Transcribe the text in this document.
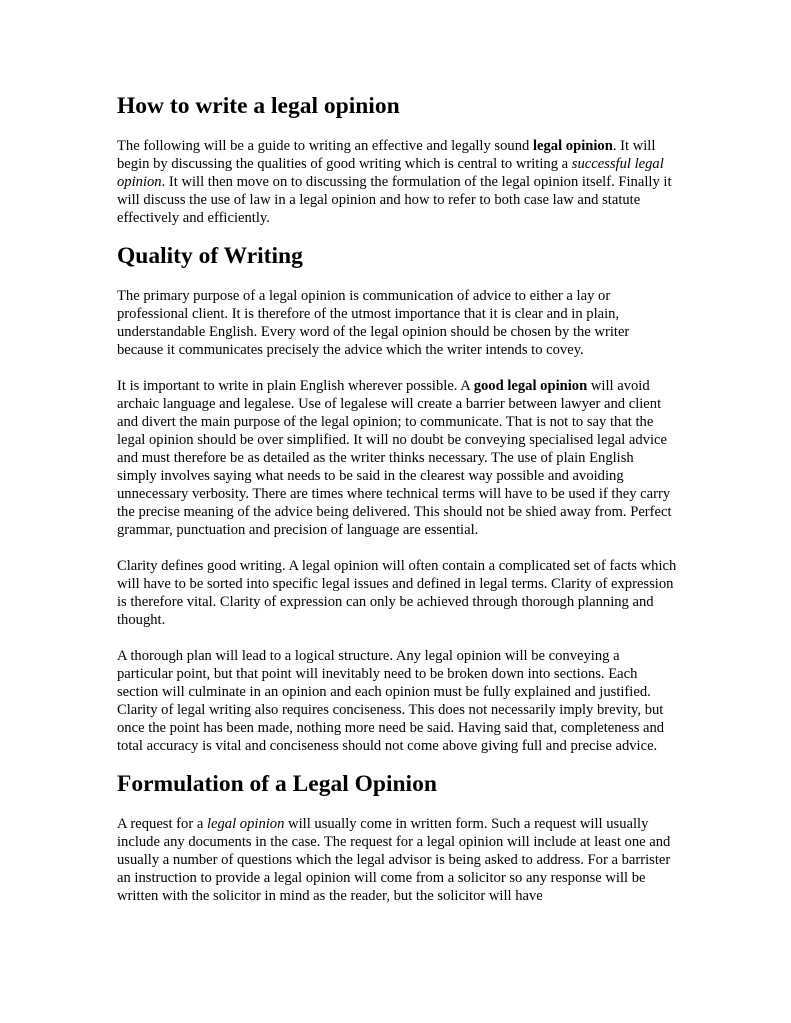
How to write a legal opinion

The following will be a guide to writing an effective and legally sound legal opinion. It will begin by discussing the qualities of good writing which is central to writing a successful legal opinion. It will then move on to discussing the formulation of the legal opinion itself. Finally it will discuss the use of law in a legal opinion and how to refer to both case law and statute effectively and efficiently.

Quality of Writing

The primary purpose of a legal opinion is communication of advice to either a lay or professional client. It is therefore of the utmost importance that it is clear and in plain, understandable English. Every word of the legal opinion should be chosen by the writer because it communicates precisely the advice which the writer intends to covey.

It is important to write in plain English wherever possible. A good legal opinion will avoid archaic language and legalese. Use of legalese will create a barrier between lawyer and client and divert the main purpose of the legal opinion; to communicate. That is not to say that the legal opinion should be over simplified. It will no doubt be conveying specialised legal advice and must therefore be as detailed as the writer thinks necessary. The use of plain English simply involves saying what needs to be said in the clearest way possible and avoiding unnecessary verbosity. There are times where technical terms will have to be used if they carry the precise meaning of the advice being delivered. This should not be shied away from. Perfect grammar, punctuation and precision of language are essential.

Clarity defines good writing. A legal opinion will often contain a complicated set of facts which will have to be sorted into specific legal issues and defined in legal terms. Clarity of expression is therefore vital. Clarity of expression can only be achieved through thorough planning and thought.

A thorough plan will lead to a logical structure. Any legal opinion will be conveying a particular point, but that point will inevitably need to be broken down into sections. Each section will culminate in an opinion and each opinion must be fully explained and justified. Clarity of legal writing also requires conciseness. This does not necessarily imply brevity, but once the point has been made, nothing more need be said. Having said that, completeness and total accuracy is vital and conciseness should not come above giving full and precise advice.

Formulation of a Legal Opinion

A request for a legal opinion will usually come in written form. Such a request will usually include any documents in the case. The request for a legal opinion will include at least one and usually a number of questions which the legal advisor is being asked to address. For a barrister an instruction to provide a legal opinion will come from a solicitor so any response will be written with the solicitor in mind as the reader, but the solicitor will have
